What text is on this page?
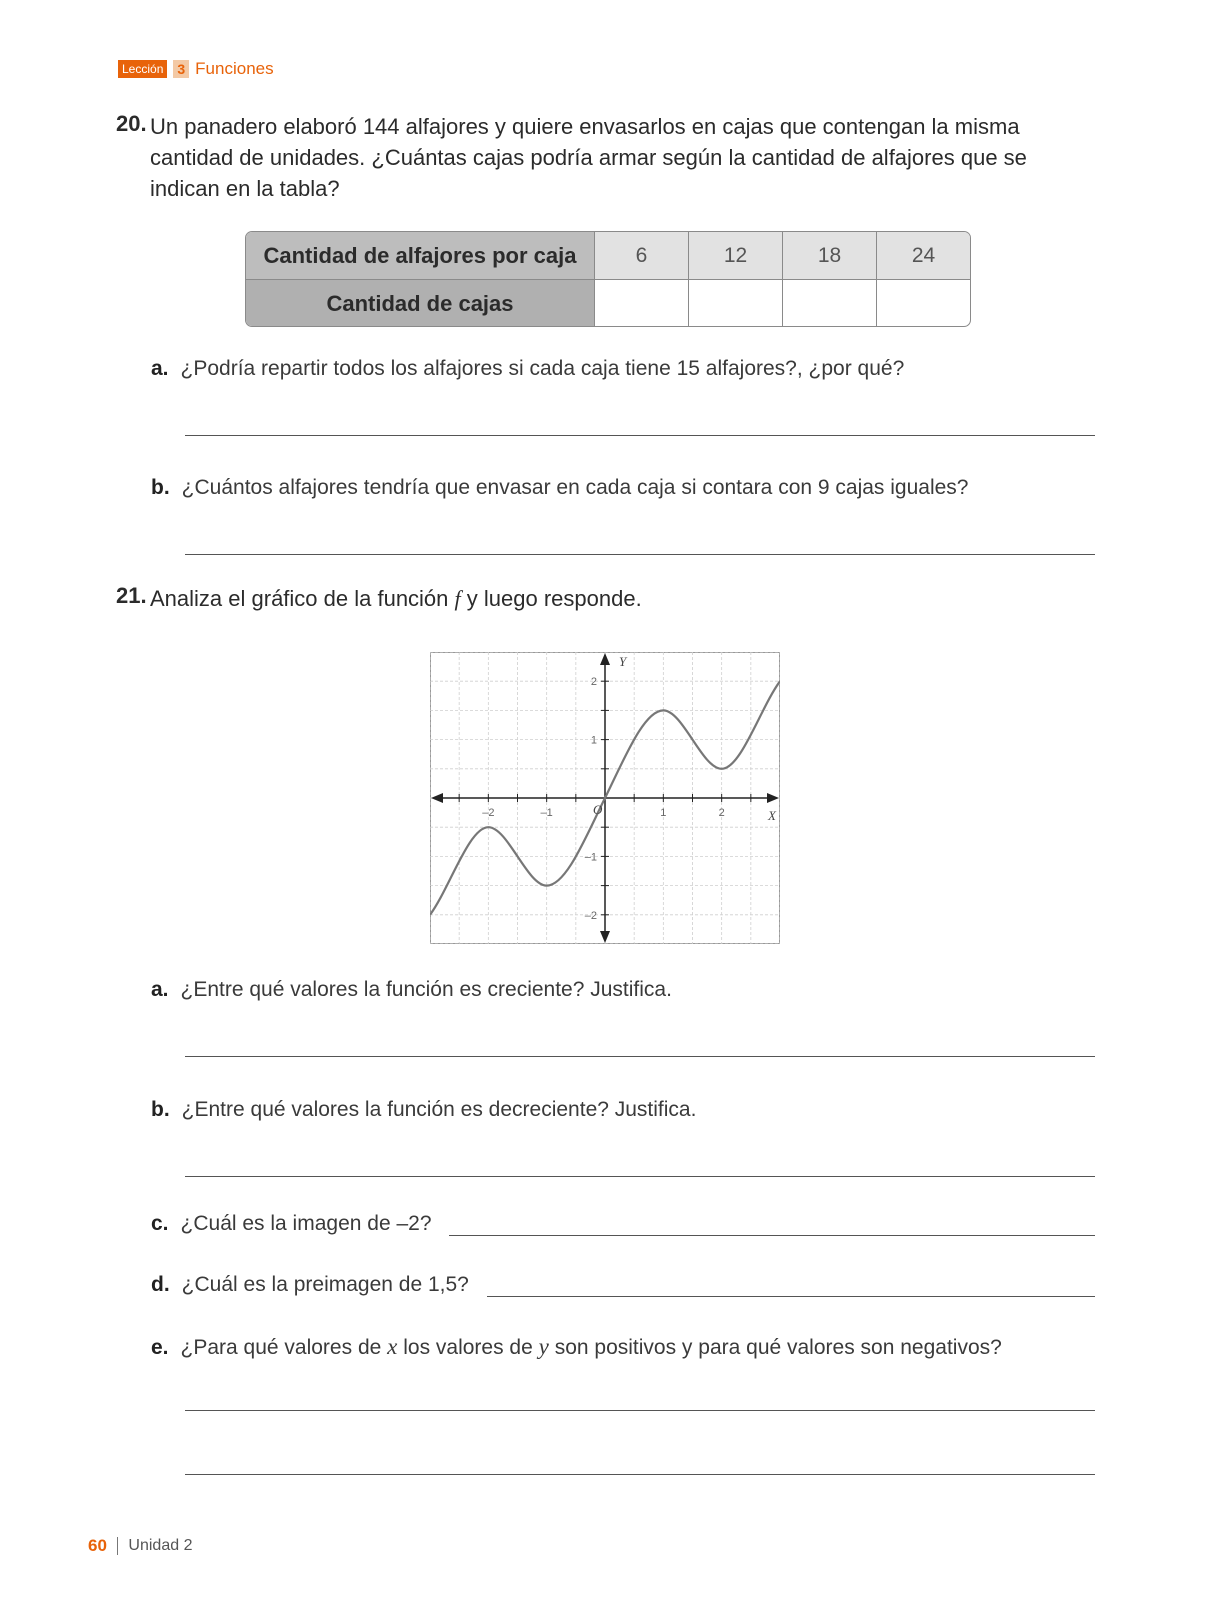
Lección 3 Funciones
20. Un panadero elaboró 144 alfajores y quiere envasarlos en cajas que contengan la misma cantidad de unidades. ¿Cuántas cajas podría armar según la cantidad de alfajores que se indican en la tabla?
Cantidad de alfajores por caja	6	12	18	24
Cantidad de cajas
a. ¿Podría repartir todos los alfajores si cada caja tiene 15 alfajores?, ¿por qué?
b. ¿Cuántos alfajores tendría que envasar en cada caja si contara con 9 cajas iguales?
21. Analiza el gráfico de la función f y luego responde.
–2	–1	1	2
2
1
–1
–2
X
Y
O
a. ¿Entre qué valores la función es creciente? Justifica.
b. ¿Entre qué valores la función es decreciente? Justifica.
c. ¿Cuál es la imagen de –2?
d. ¿Cuál es la preimagen de 1,5?
e. ¿Para qué valores de x los valores de y son positivos y para qué valores son negativos?
60 Unidad 2
